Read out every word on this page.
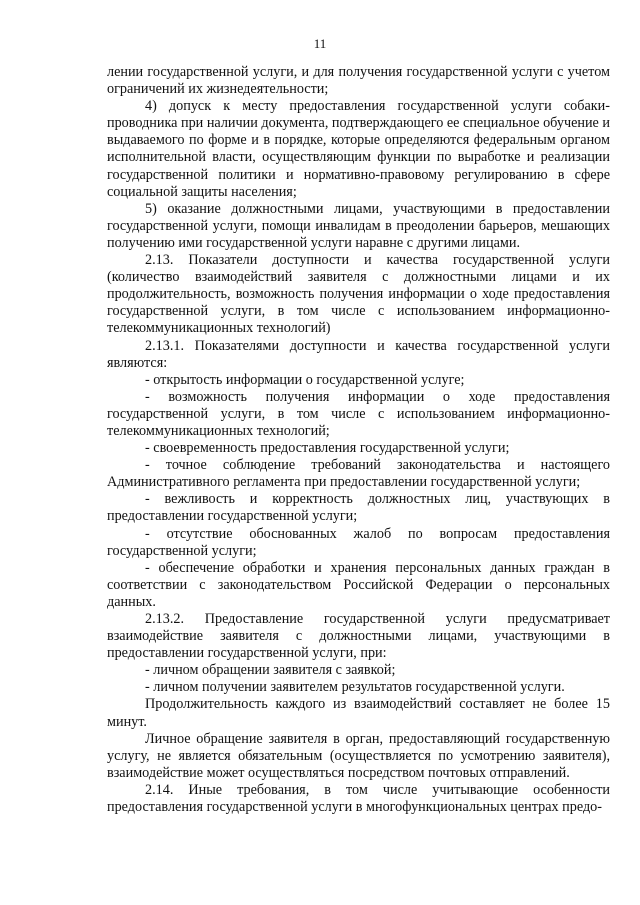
11

лении государственной услуги, и для получения государственной услуги с учетом ограничений их жизнедеятельности;

4) допуск к месту предоставления государственной услуги собаки-проводника при наличии документа, подтверждающего ее специальное обучение и выдаваемого по форме и в порядке, которые определяются федеральным органом исполнительной власти, осуществляющим функции по выработке и реализации государственной политики и нормативно-правовому регулированию в сфере социальной защиты населения;

5) оказание должностными лицами, участвующими в предоставлении государственной услуги, помощи инвалидам в преодолении барьеров, мешающих получению ими государственной услуги наравне с другими лицами.

2.13. Показатели доступности и качества государственной услуги (количество взаимодействий заявителя с должностными лицами и их продолжительность, возможность получения информации о ходе предоставления государственной услуги, в том числе с использованием информационно-телекоммуникационных технологий)

2.13.1. Показателями доступности и качества государственной услуги являются:

- открытость информации о государственной услуге;

- возможность получения информации о ходе предоставления государственной услуги, в том числе с использованием информационно-телекоммуникационных технологий;

- своевременность предоставления государственной услуги;

- точное соблюдение требований законодательства и настоящего Административного регламента при предоставлении государственной услуги;

- вежливость и корректность должностных лиц, участвующих в предоставлении государственной услуги;

- отсутствие обоснованных жалоб по вопросам предоставления государственной услуги;

- обеспечение обработки и хранения персональных данных граждан в соответствии с законодательством Российской Федерации о персональных данных.

2.13.2. Предоставление государственной услуги предусматривает взаимодействие заявителя с должностными лицами, участвующими в предоставлении государственной услуги, при:

- личном обращении заявителя с заявкой;

- личном получении заявителем результатов государственной услуги.

Продолжительность каждого из взаимодействий составляет не более 15 минут.

Личное обращение заявителя в орган, предоставляющий государственную услугу, не является обязательным (осуществляется по усмотрению заявителя), взаимодействие может осуществляться посредством почтовых отправлений.

2.14. Иные требования, в том числе учитывающие особенности предоставления государственной услуги в многофункциональных центрах предо-
